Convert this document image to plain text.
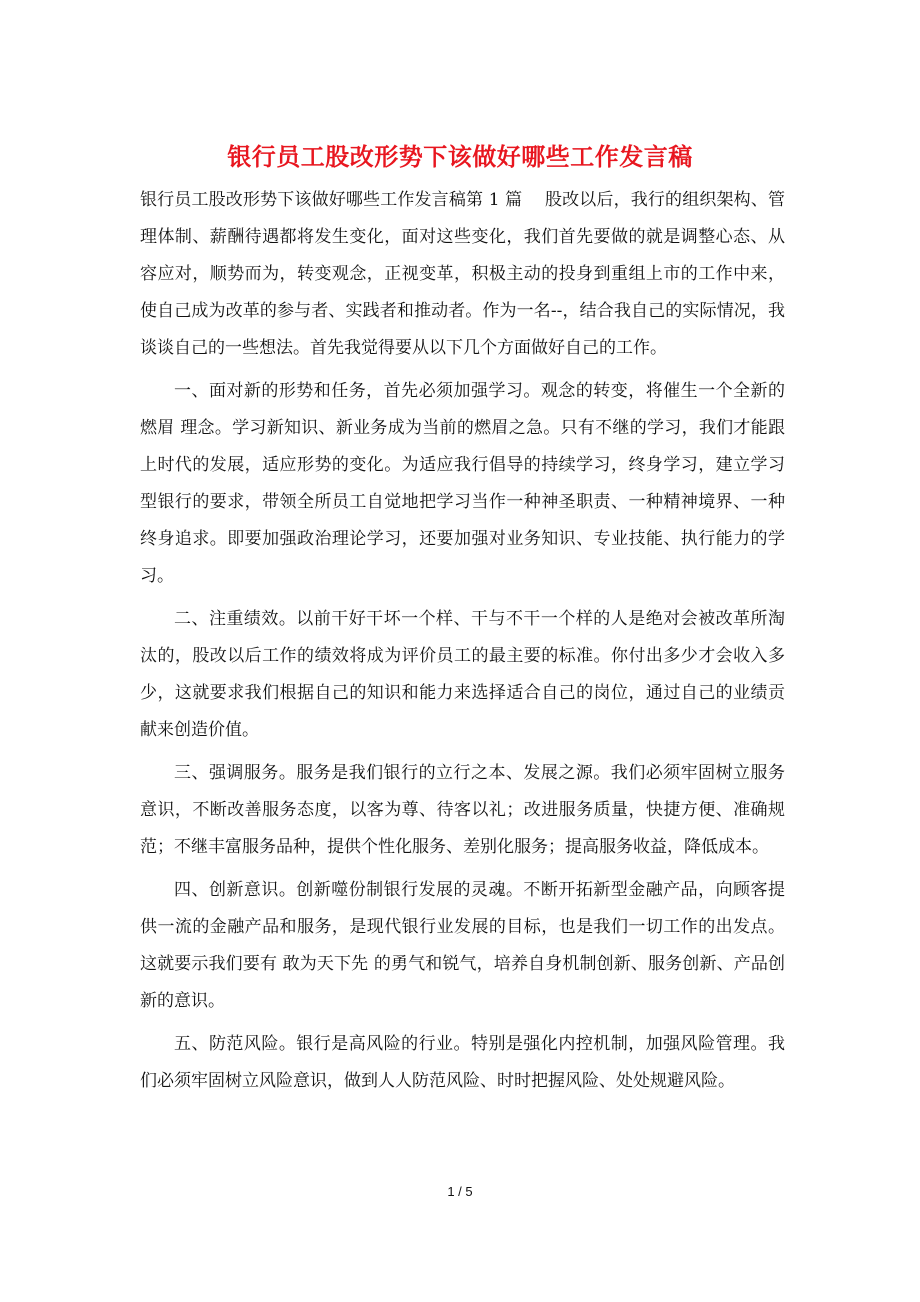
银行员工股改形势下该做好哪些工作发言稿

银行员工股改形势下该做好哪些工作发言稿第 1 篇　 股改以后，我行的组织架构、管理体制、薪酬待遇都将发生变化，面对这些变化，我们首先要做的就是调整心态、从容应对，顺势而为，转变观念，正视变革，积极主动的投身到重组上市的工作中来，使自己成为改革的参与者、实践者和推动者。作为一名--，结合我自己的实际情况，我谈谈自己的一些想法。首先我觉得要从以下几个方面做好自己的工作。

一、面对新的形势和任务，首先必须加强学习。观念的转变，将催生一个全新的 燃眉 理念。学习新知识、新业务成为当前的燃眉之急。只有不继的学习，我们才能跟上时代的发展，适应形势的变化。为适应我行倡导的持续学习，终身学习，建立学习型银行的要求，带领全所员工自觉地把学习当作一种神圣职责、一种精神境界、一种终身追求。即要加强政治理论学习，还要加强对业务知识、专业技能、执行能力的学习。

二、注重绩效。以前干好干坏一个样、干与不干一个样的人是绝对会被改革所淘汰的，股改以后工作的绩效将成为评价员工的最主要的标准。你付出多少才会收入多少，这就要求我们根据自己的知识和能力来选择适合自己的岗位，通过自己的业绩贡献来创造价值。

三、强调服务。服务是我们银行的立行之本、发展之源。我们必须牢固树立服务意识，不断改善服务态度，以客为尊、待客以礼；改进服务质量，快捷方便、准确规范；不继丰富服务品种，提供个性化服务、差别化服务；提高服务收益，降低成本。

四、创新意识。创新噬份制银行发展的灵魂。不断开拓新型金融产品，向顾客提供一流的金融产品和服务，是现代银行业发展的目标，也是我们一切工作的出发点。这就要示我们要有 敢为天下先 的勇气和锐气，培养自身机制创新、服务创新、产品创新的意识。

五、防范风险。银行是高风险的行业。特别是强化内控机制，加强风险管理。我们必须牢固树立风险意识，做到人人防范风险、时时把握风险、处处规避风险。

1 / 5
